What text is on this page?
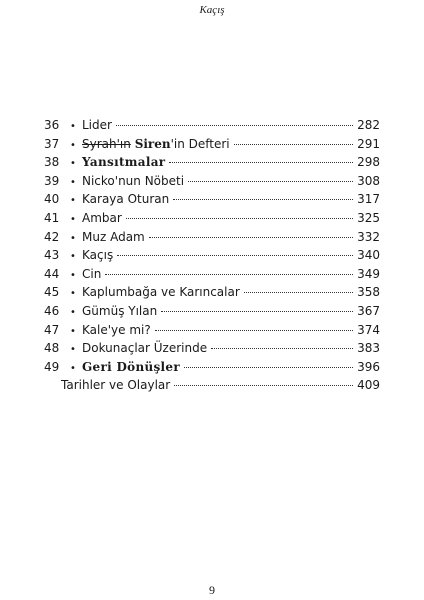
Kaçış
36	• Lider	282
37	• Syrah'ın Siren'in Defteri	291
38	• Yansıtmalar	298
39	• Nicko'nun Nöbeti	308
40	• Karaya Oturan	317
41	• Ambar	325
42	• Muz Adam	332
43	• Kaçış	340
44	• Cin	349
45	• Kaplumbağa ve Karıncalar	358
46	• Gümüş Yılan	367
47	• Kale'ye mi?	374
48	• Dokunaçlar Üzerinde	383
49	• Geri Dönüşler	396
Tarihler ve Olaylar	409
9
